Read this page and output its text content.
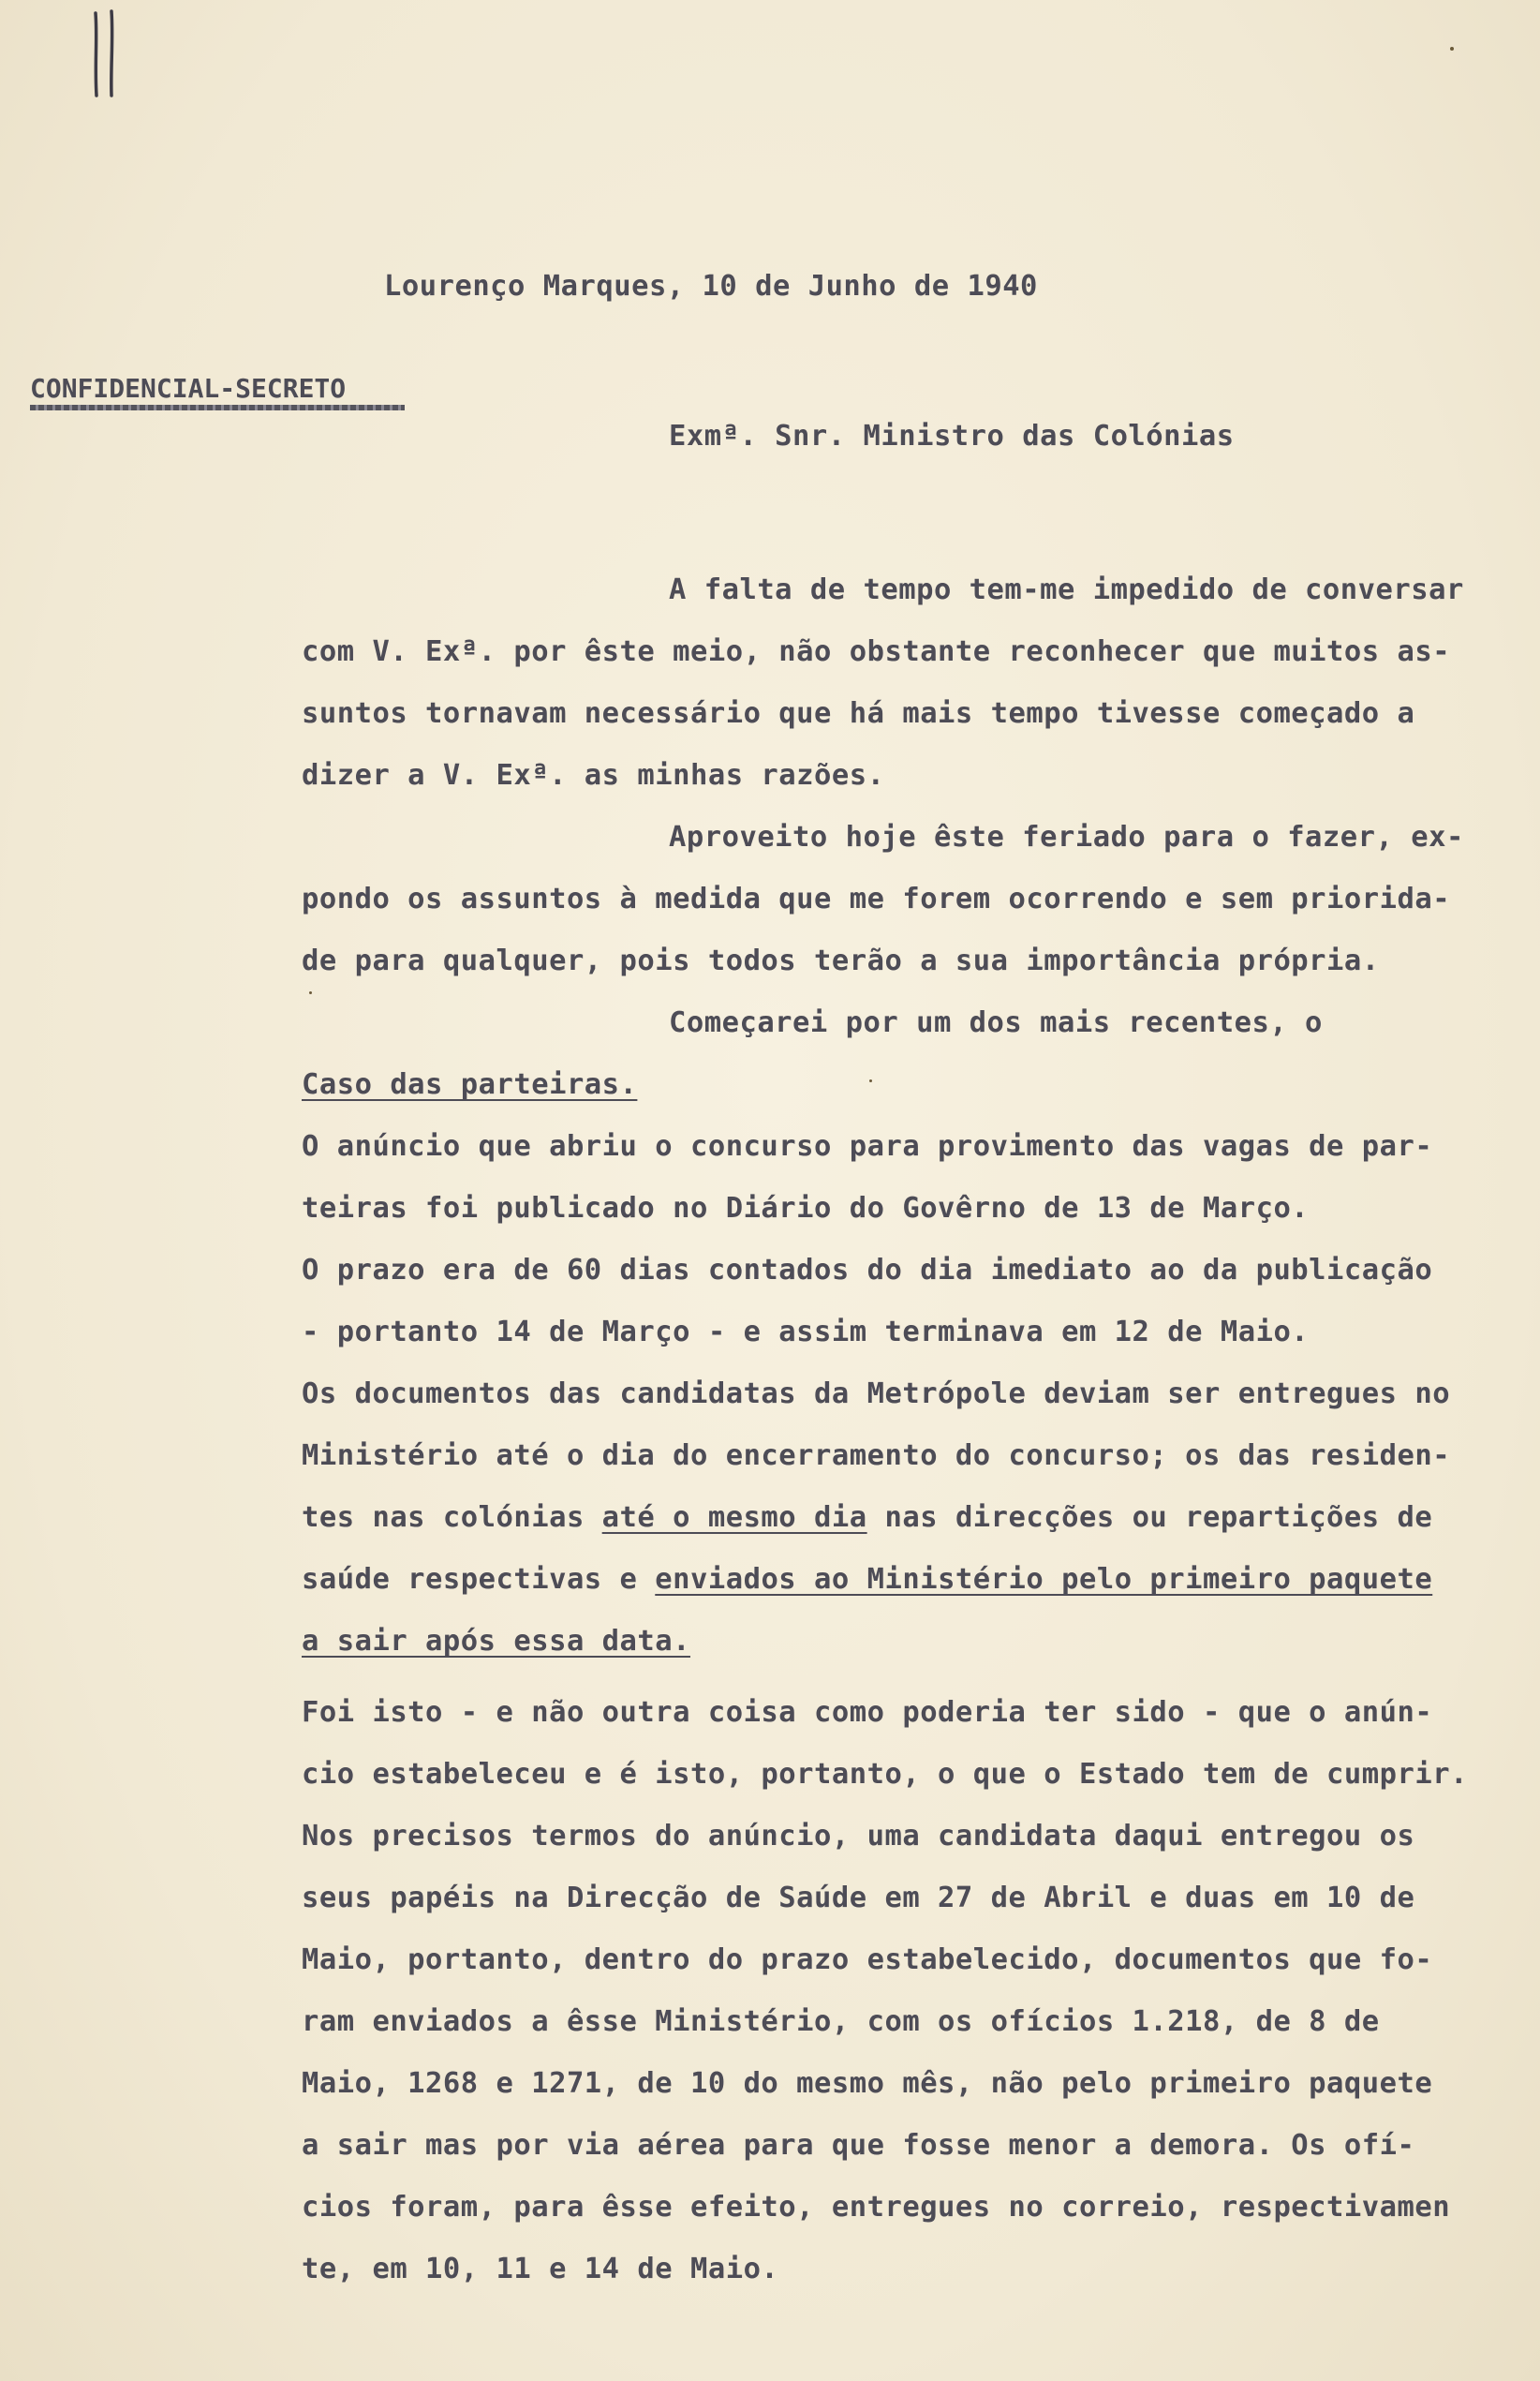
Lourenço Marques, 10 de Junho de 1940
CONFIDENCIAL-SECRETO
Exmª. Snr. Ministro das Colónias
A falta de tempo tem-me impedido de conversar
com V. Exª. por êste meio, não obstante reconhecer que muitos as-
suntos tornavam necessário que há mais tempo tivesse começado a
dizer a V. Exª. as minhas razões.
Aproveito hoje êste feriado para o fazer, ex-
pondo os assuntos à medida que me forem ocorrendo e sem priorida-
de para qualquer, pois todos terão a sua importância própria.
Começarei por um dos mais recentes, o
Caso das parteiras.
O anúncio que abriu o concurso para provimento das vagas de par-
teiras foi publicado no Diário do Govêrno de 13 de Março.
O prazo era de 60 dias contados do dia imediato ao da publicação
- portanto 14 de Março - e assim terminava em 12 de Maio.
Os documentos das candidatas da Metrópole deviam ser entregues no
Ministério até o dia do encerramento do concurso; os das residen-
tes nas colónias até o mesmo dia nas direcções ou repartições de
saúde respectivas e enviados ao Ministério pelo primeiro paquete
a sair após essa data.
Foi isto - e não outra coisa como poderia ter sido - que o anún-
cio estabeleceu e é isto, portanto, o que o Estado tem de cumprir.
Nos precisos termos do anúncio, uma candidata daqui entregou os
seus papéis na Direcção de Saúde em 27 de Abril e duas em 10 de
Maio, portanto, dentro do prazo estabelecido, documentos que fo-
ram enviados a êsse Ministério, com os ofícios 1.218, de 8 de
Maio, 1268 e 1271, de 10 do mesmo mês, não pelo primeiro paquete
a sair mas por via aérea para que fosse menor a demora. Os ofí-
cios foram, para êsse efeito, entregues no correio, respectivamen
te, em 10, 11 e 14 de Maio.
